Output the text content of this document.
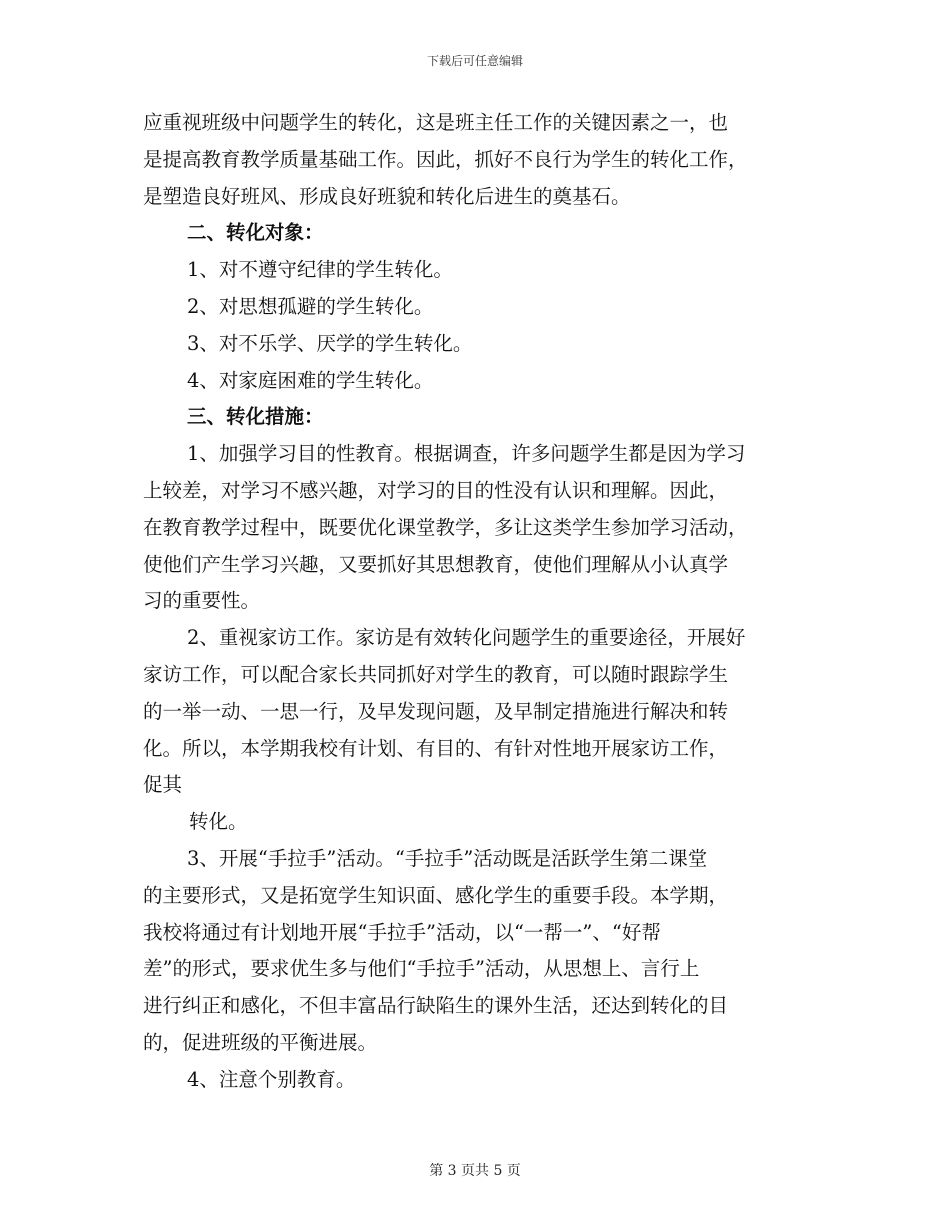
下载后可任意编辑
应重视班级中问题学生的转化，这是班主任工作的关键因素之一，也
是提高教育教学质量基础工作。因此，抓好不良行为学生的转化工作，
是塑造良好班风、形成良好班貌和转化后进生的奠基石。
二、转化对象：
1、对不遵守纪律的学生转化。
2、对思想孤避的学生转化。
3、对不乐学、厌学的学生转化。
4、对家庭困难的学生转化。
三、转化措施：
1、加强学习目的性教育。根据调查，许多问题学生都是因为学习
上较差，对学习不感兴趣，对学习的目的性没有认识和理解。因此，
在教育教学过程中，既要优化课堂教学，多让这类学生参加学习活动，
使他们产生学习兴趣，又要抓好其思想教育，使他们理解从小认真学
习的重要性。
2、重视家访工作。家访是有效转化问题学生的重要途径，开展好
家访工作，可以配合家长共同抓好对学生的教育，可以随时跟踪学生
的一举一动、一思一行，及早发现问题，及早制定措施进行解决和转
化。所以，本学期我校有计划、有目的、有针对性地开展家访工作，
促其
转化。
3、开展“手拉手”活动。“手拉手”活动既是活跃学生第二课堂
的主要形式，又是拓宽学生知识面、感化学生的重要手段。本学期，
我校将通过有计划地开展“手拉手”活动，以“一帮一”、“好帮
差”的形式，要求优生多与他们“手拉手”活动，从思想上、言行上
进行纠正和感化，不但丰富品行缺陷生的课外生活，还达到转化的目
的，促进班级的平衡进展。
4、注意个别教育。
第 3 页共 5 页
